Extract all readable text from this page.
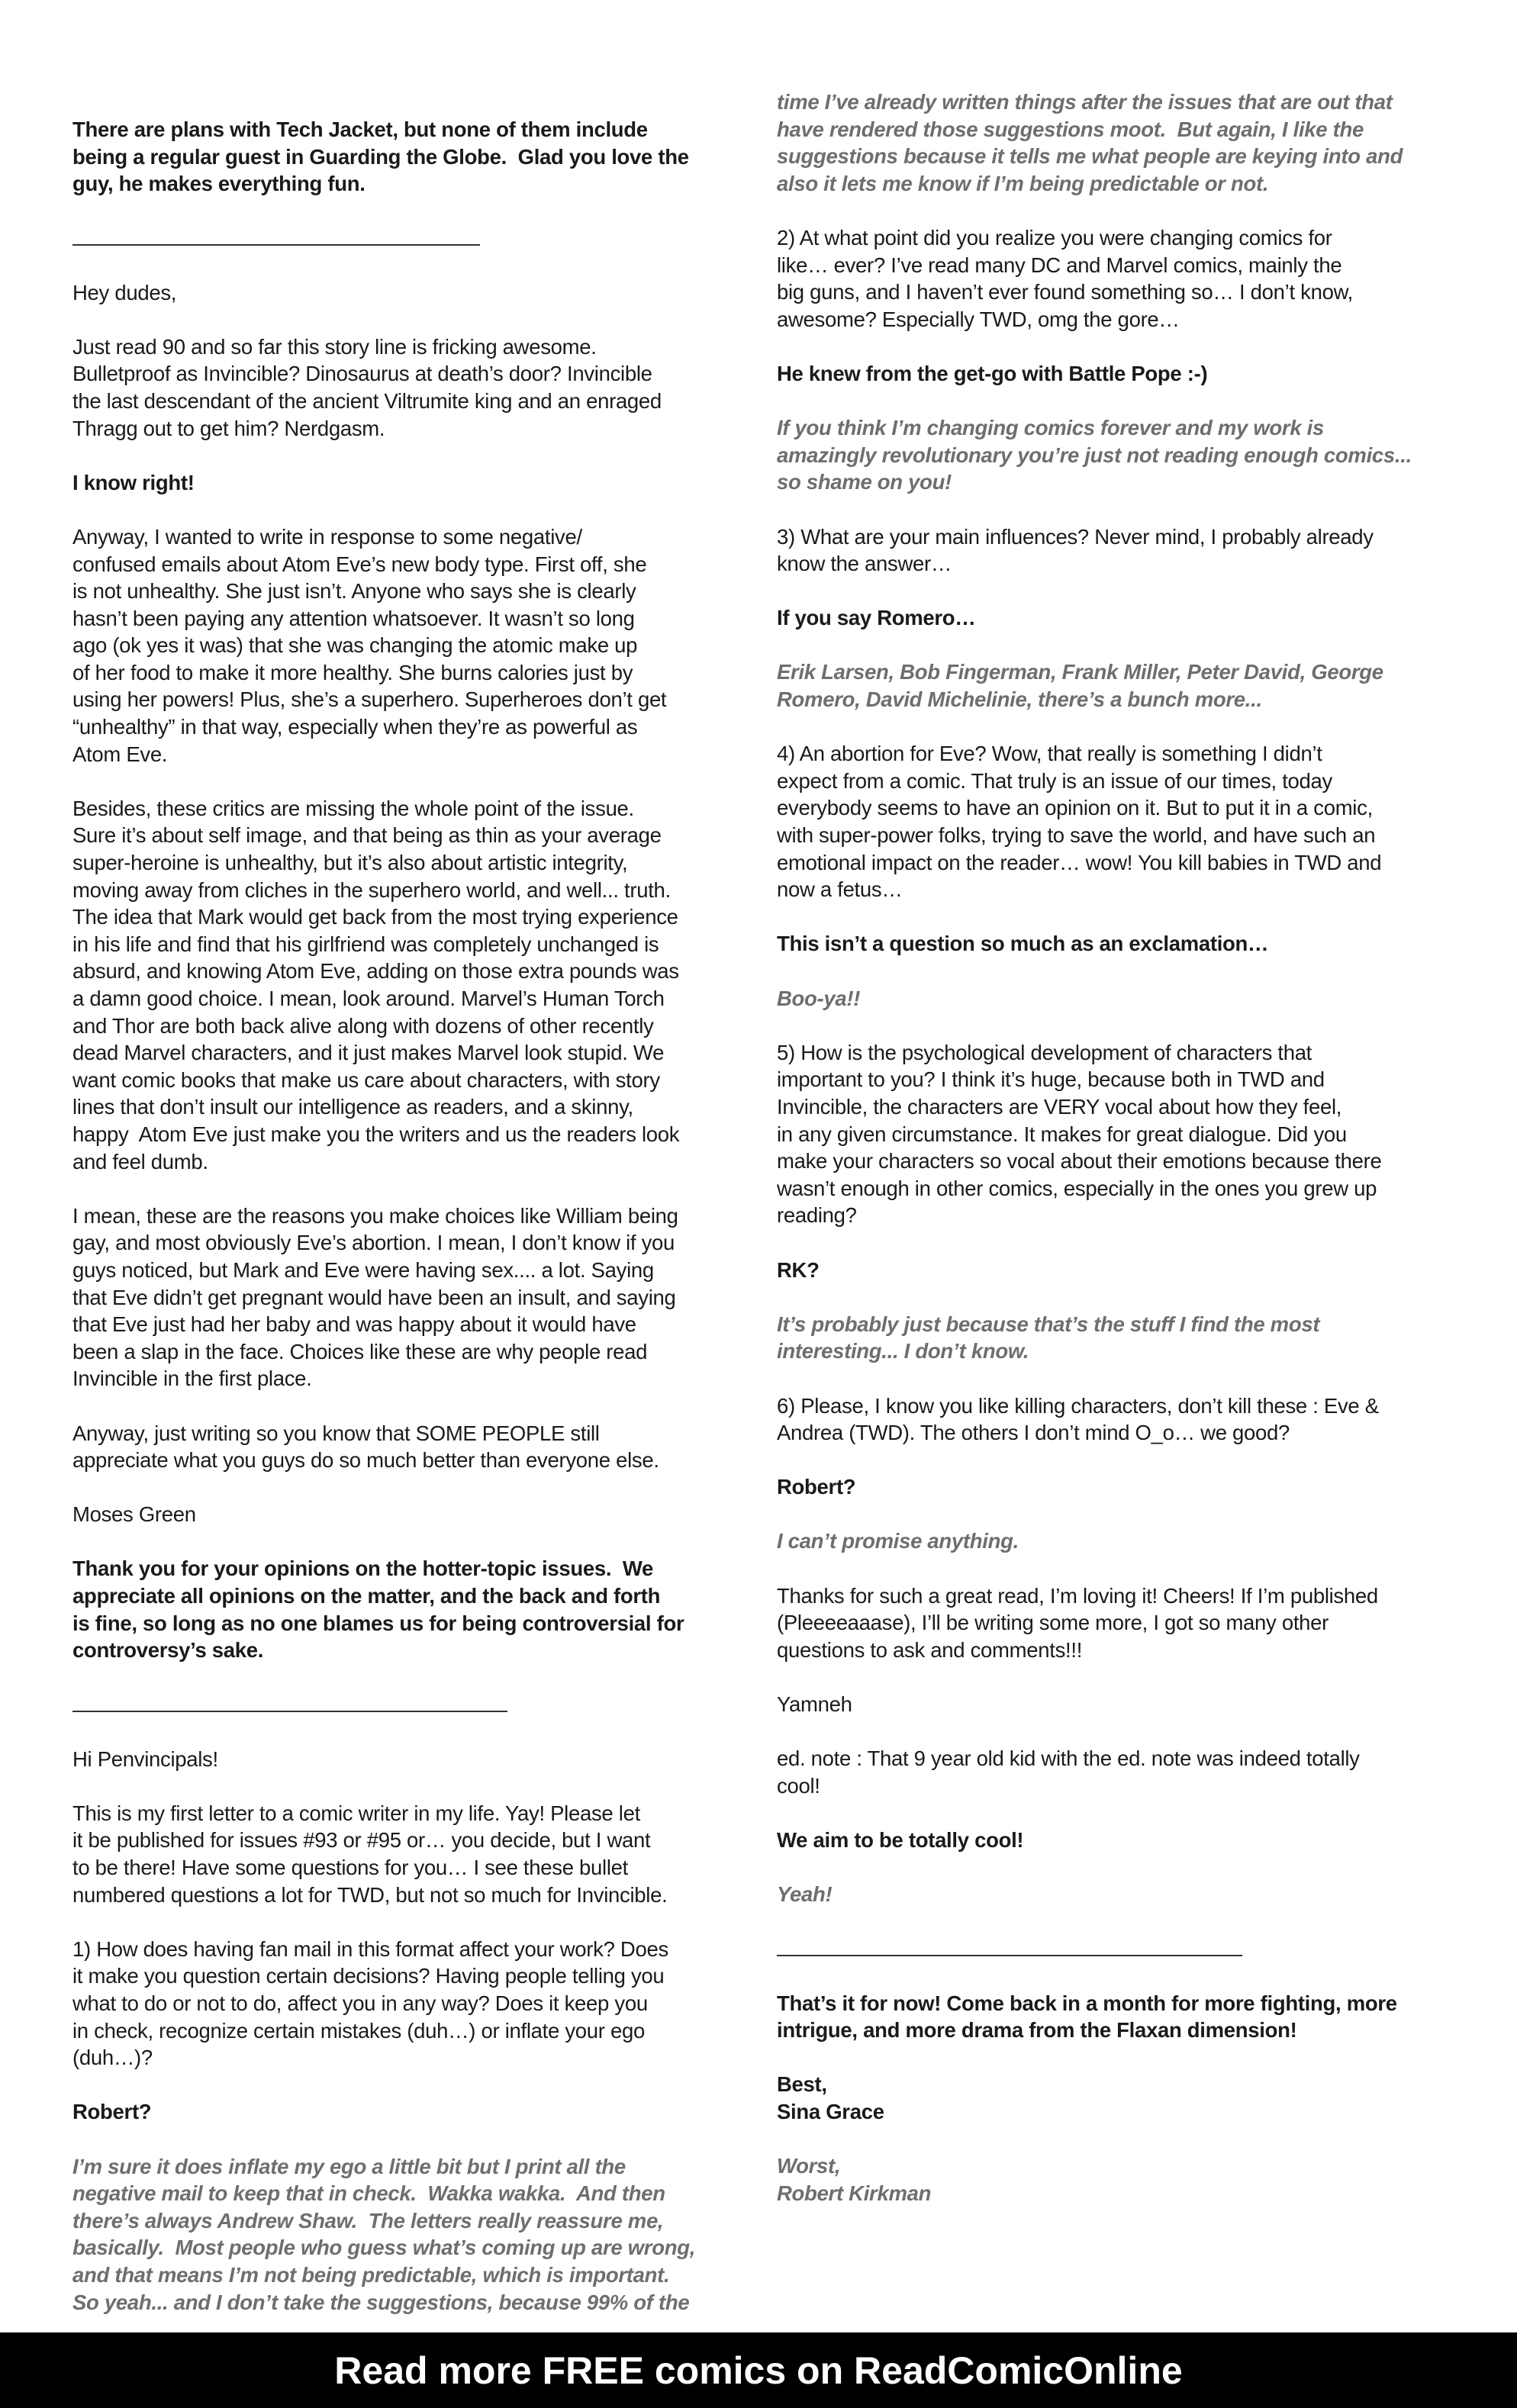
There are plans with Tech Jacket, but none of them include
being a regular guest in Guarding the Globe.  Glad you love the
guy, he makes everything fun.

Hey dudes,

Just read 90 and so far this story line is fricking awesome.
Bulletproof as Invincible? Dinosaurus at death’s door? Invincible
the last descendant of the ancient Viltrumite king and an enraged
Thragg out to get him? Nerdgasm.

I know right!

Anyway, I wanted to write in response to some negative/
confused emails about Atom Eve’s new body type. First off, she
is not unhealthy. She just isn’t. Anyone who says she is clearly
hasn’t been paying any attention whatsoever. It wasn’t so long
ago (ok yes it was) that she was changing the atomic make up
of her food to make it more healthy. She burns calories just by
using her powers! Plus, she’s a superhero. Superheroes don’t get
“unhealthy” in that way, especially when they’re as powerful as
Atom Eve.

Besides, these critics are missing the whole point of the issue.
Sure it’s about self image, and that being as thin as your average
super-heroine is unhealthy, but it’s also about artistic integrity,
moving away from cliches in the superhero world, and well... truth.
The idea that Mark would get back from the most trying experience
in his life and find that his girlfriend was completely unchanged is
absurd, and knowing Atom Eve, adding on those extra pounds was
a damn good choice. I mean, look around. Marvel’s Human Torch
and Thor are both back alive along with dozens of other recently
dead Marvel characters, and it just makes Marvel look stupid. We
want comic books that make us care about characters, with story
lines that don’t insult our intelligence as readers, and a skinny,
happy  Atom Eve just make you the writers and us the readers look
and feel dumb.

I mean, these are the reasons you make choices like William being
gay, and most obviously Eve’s abortion. I mean, I don’t know if you
guys noticed, but Mark and Eve were having sex.... a lot. Saying
that Eve didn’t get pregnant would have been an insult, and saying
that Eve just had her baby and was happy about it would have
been a slap in the face. Choices like these are why people read
Invincible in the first place.

Anyway, just writing so you know that SOME PEOPLE still
appreciate what you guys do so much better than everyone else.

Moses Green

Thank you for your opinions on the hotter-topic issues.  We
appreciate all opinions on the matter, and the back and forth
is fine, so long as no one blames us for being controversial for
controversy’s sake.

Hi Penvincipals!

This is my first letter to a comic writer in my life. Yay! Please let
it be published for issues #93 or #95 or… you decide, but I want
to be there! Have some questions for you… I see these bullet
numbered questions a lot for TWD, but not so much for Invincible.

1) How does having fan mail in this format affect your work? Does
it make you question certain decisions? Having people telling you
what to do or not to do, affect you in any way? Does it keep you
in check, recognize certain mistakes (duh…) or inflate your ego
(duh…)?

Robert?

I’m sure it does inflate my ego a little bit but I print all the
negative mail to keep that in check.  Wakka wakka.  And then
there’s always Andrew Shaw.  The letters really reassure me,
basically.  Most people who guess what’s coming up are wrong,
and that means I’m not being predictable, which is important.
So yeah... and I don’t take the suggestions, because 99% of the

time I’ve already written things after the issues that are out that
have rendered those suggestions moot.  But again, I like the
suggestions because it tells me what people are keying into and
also it lets me know if I’m being predictable or not.

2) At what point did you realize you were changing comics for
like… ever? I’ve read many DC and Marvel comics, mainly the
big guns, and I haven’t ever found something so… I don’t know,
awesome? Especially TWD, omg the gore…

He knew from the get-go with Battle Pope :-)

If you think I’m changing comics forever and my work is
amazingly revolutionary you’re just not reading enough comics...
so shame on you!

3) What are your main influences? Never mind, I probably already
know the answer…

If you say Romero…

Erik Larsen, Bob Fingerman, Frank Miller, Peter David, George
Romero, David Michelinie, there’s a bunch more...

4) An abortion for Eve? Wow, that really is something I didn’t
expect from a comic. That truly is an issue of our times, today
everybody seems to have an opinion on it. But to put it in a comic,
with super-power folks, trying to save the world, and have such an
emotional impact on the reader… wow! You kill babies in TWD and
now a fetus…

This isn’t a question so much as an exclamation…

Boo-ya!!

5) How is the psychological development of characters that
important to you? I think it’s huge, because both in TWD and
Invincible, the characters are VERY vocal about how they feel,
in any given circumstance. It makes for great dialogue. Did you
make your characters so vocal about their emotions because there
wasn’t enough in other comics, especially in the ones you grew up
reading?

RK?

It’s probably just because that’s the stuff I find the most
interesting... I don’t know.

6) Please, I know you like killing characters, don’t kill these : Eve &
Andrea (TWD). The others I don’t mind O_o… we good?

Robert?

I can’t promise anything.

Thanks for such a great read, I’m loving it! Cheers! If I’m published
(Pleeeeaaase), I’ll be writing some more, I got so many other
questions to ask and comments!!!

Yamneh

ed. note : That 9 year old kid with the ed. note was indeed totally
cool!

We aim to be totally cool!

Yeah!

That’s it for now! Come back in a month for more fighting, more
intrigue, and more drama from the Flaxan dimension!

Best,
Sina Grace

Worst,
Robert Kirkman

Read more FREE comics on ReadComicOnline
